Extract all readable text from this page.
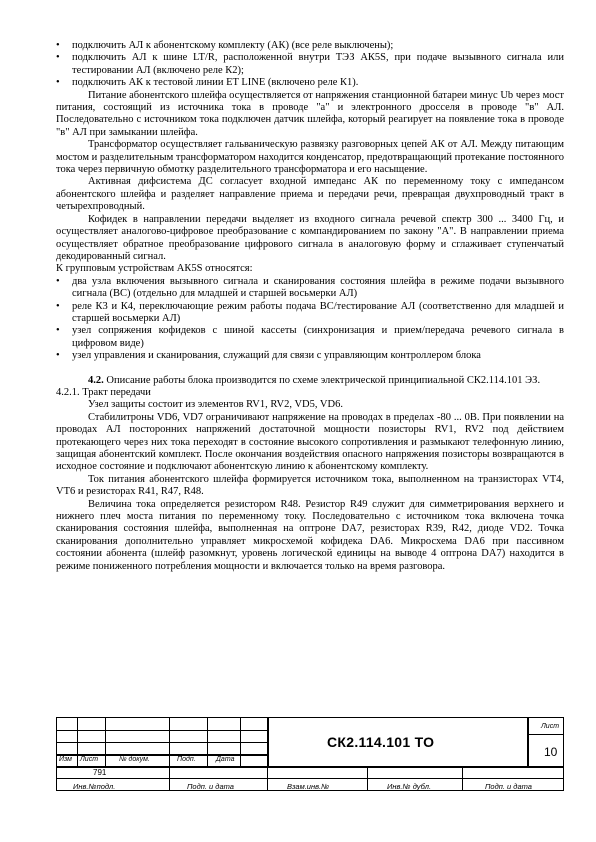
• подключить АЛ к абонентскому комплекту (АК) (все реле выключены);
• подключить АЛ к шине LT/R, расположенной внутри ТЭЗ АК5S, при подаче вызывного сигнала или тестировании АЛ (включено реле К2);
• подключить АК к тестовой линии ET LINE (включено реле К1).
Питание абонентского шлейфа осуществляется от напряжения станционной батареи минус Ub через мост питания, состоящий из источника тока в проводе "а" и электронного дросселя в проводе "в" АЛ. Последовательно с источником тока подключен датчик шлейфа, который реагирует на появление тока в проводе "в" АЛ при замыкании шлейфа.
Трансформатор осуществляет гальваническую развязку разговорных цепей АК от АЛ. Между питающим мостом и разделительным трансформатором находится конденсатор, предотвращающий протекание постоянного тока через первичную обмотку разделительного трансформатора и его насыщение.
Активная дифсистема ДС согласует входной импеданс АК по переменному току с импедансом абонентского шлейфа и разделяет направление приема и передачи речи, превращая двухпроводный тракт в четырехпроводный.
Кофидек в направлении передачи выделяет из входного сигнала речевой спектр 300 ... 3400 Гц, и осуществляет аналогово-цифровое преобразование с компандированием по закону "А". В направлении приема осуществляет обратное преобразование цифрового сигнала в аналоговую форму и сглаживает ступенчатый декодированный сигнал.
К групповым устройствам АК5S относятся:
• два узла включения вызывного сигнала и сканирования состояния шлейфа в режиме подачи вызывного сигнала (ВС) (отдельно для младшей и старшей восьмерки АЛ)
• реле К3 и К4, переключающие режим работы подача ВС/тестирование АЛ (соответственно для младшей и старшей восьмерки АЛ)
• узел сопряжения кофидеков с шиной кассеты (синхронизация и прием/передача речевого сигнала в цифровом виде)
• узел управления и сканирования, служащий для связи с управляющим контроллером блока
4.2. Описание работы блока производится по схеме электрической принципиальной СК2.114.101 ЭЗ.
4.2.1. Тракт передачи
Узел защиты состоит из элементов RV1, RV2, VD5, VD6.
Стабилитроны VD6, VD7 ограничивают напряжение на проводах в пределах -80 ... 0В. При появлении на проводах АЛ посторонних напряжений достаточной мощности позисторы RV1, RV2 под действием протекающего через них тока переходят в состояние высокого сопротивления и размыкают телефонную линию, защищая абонентский комплект. После окончания воздействия опасного напряжения позисторы возвращаются в исходное состояние и подключают абонентскую линию к абонентскому комплекту.
Ток питания абонентского шлейфа формируется источником тока, выполненном на транзисторах VT4, VT6 и резисторах R41, R47, R48.
Величина тока определяется резистором R48. Резистор R49 служит для симметрирования верхнего и нижнего плеч моста питания по переменному току. Последовательно с источником тока включена точка сканирования состояния шлейфа, выполненная на оптроне DA7, резисторах R39, R42, диоде VD2. Точка сканирования дополнительно управляет микросхемой кофидека DA6. Микросхема DA6 при пассивном состоянии абонента (шлейф разомкнут, уровень логической единицы на выводе 4 оптрона DA7) находится в режиме пониженного потребления мощности и включается только на время разговора.
Изм Лист	№ докум.	Подп.	Дата
СК2.114.101 ТО
Лист
10
791
Инв.№подл.	Подп. и дата	Взам.инв.№	Инв.№ дубл.	Подп. и дата
